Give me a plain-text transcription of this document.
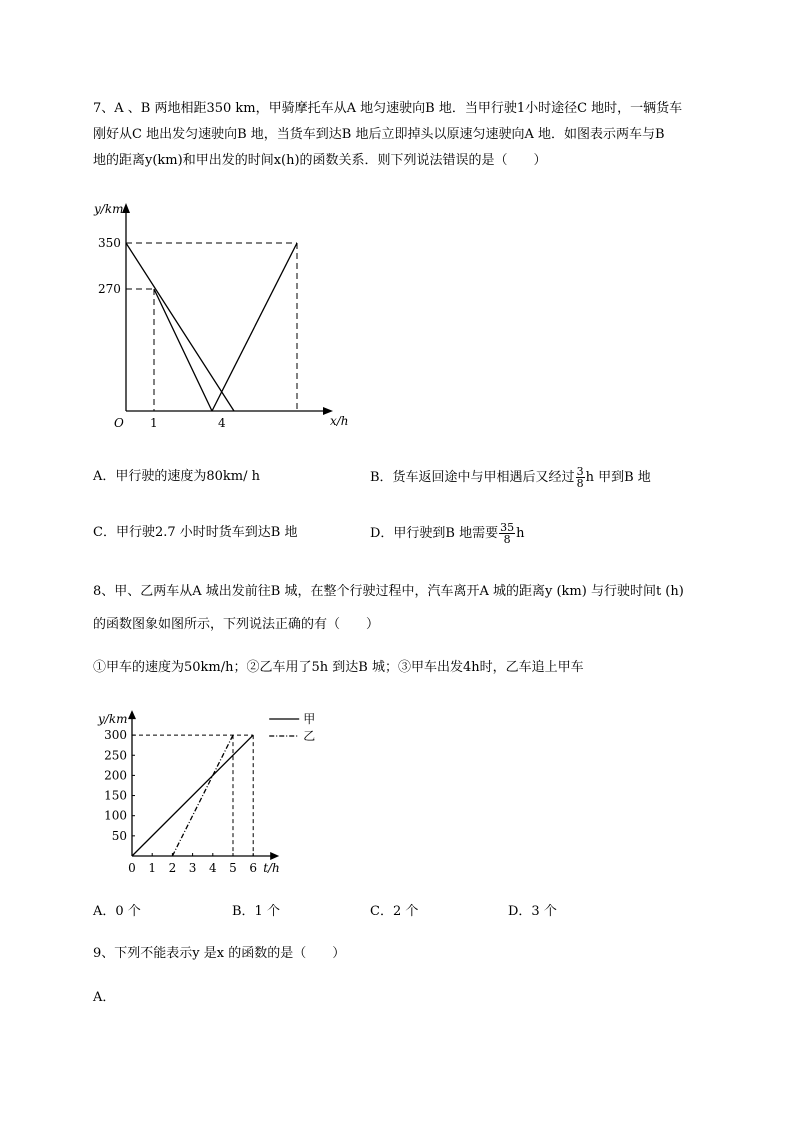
7、A 、B 两地相距350 km，甲骑摩托车从A 地匀速驶向B 地．当甲行驶1小时途径C 地时，一辆货车
刚好从C 地出发匀速驶向B 地，当货车到达B 地后立即掉头以原速匀速驶向A 地．如图表示两车与B
地的距离y(km)和甲出发的时间x(h)的函数关系．则下列说法错误的是（　　）
y/km
x/h
O
350
270
1	4
A．甲行驶的速度为80km/ h	B．货车返回途中与甲相遇后又经过 $\frac{3}{8}$ h 甲到B 地
C．甲行驶2.7 小时时货车到达B 地	D．甲行驶到B 地需要 $\frac{35}{8}$ h
8、甲、乙两车从A 城出发前往B 城，在整个行驶过程中，汽车离开A 城的距离y (km) 与行驶时间t (h)
的函数图象如图所示，下列说法正确的有（　　）
①甲车的速度为50km/h；②乙车用了5h 到达B 城；③甲车出发4h时，乙车追上甲车
y/km
t/h
50
100
150
200
250
300
0 1 2 3 4 5 6
甲
乙
A．0 个	B．1 个	C．2 个	D．3 个
9、下列不能表示y 是x 的函数的是（　　）
A．
